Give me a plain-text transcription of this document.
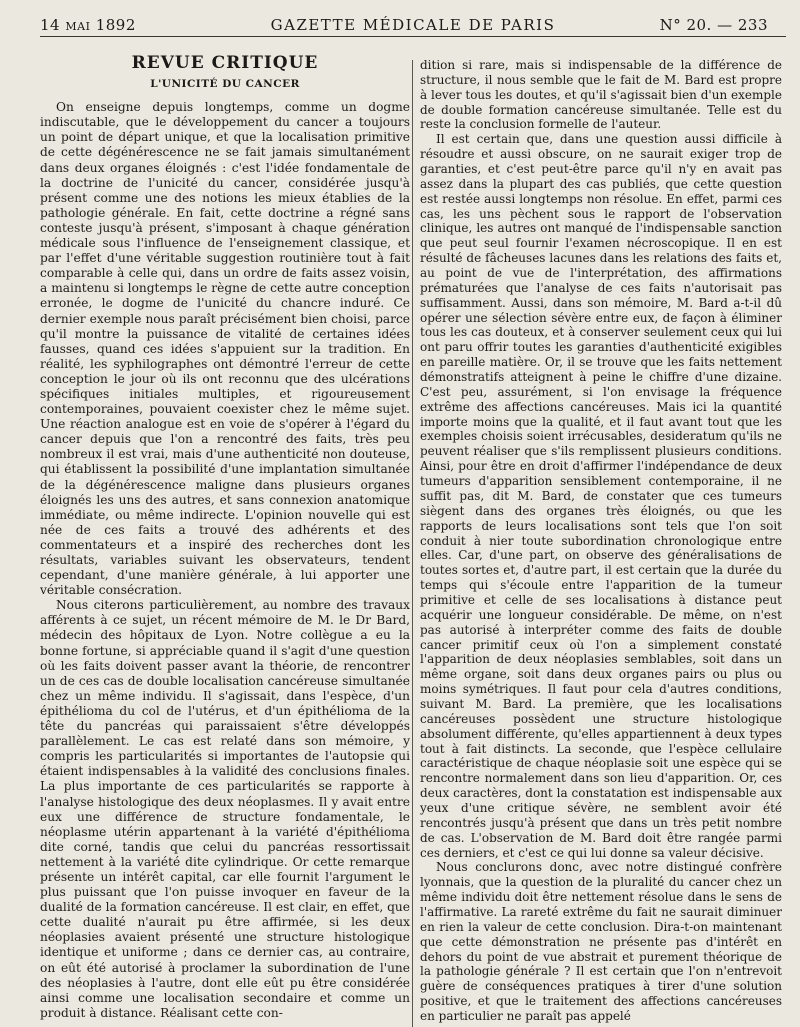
14 MAI 1892	GAZETTE MÉDICALE DE PARIS	N° 20. — 233
REVUE CRITIQUE
L'UNICITÉ DU CANCER

On enseigne depuis longtemps, comme un dogme indiscutable, que le développement du cancer a toujours un point de départ unique, et que la localisation primitive de cette dégénérescence ne se fait jamais simultanément dans deux organes éloignés : c'est l'idée fondamentale de la doctrine de l'unicité du cancer, considérée jusqu'à présent comme une des notions les mieux établies de la pathologie générale. En fait, cette doctrine a régné sans conteste jusqu'à présent, s'imposant à chaque génération médicale sous l'influence de l'enseignement classique, et par l'effet d'une véritable suggestion routinière tout à fait comparable à celle qui, dans un ordre de faits assez voisin, a maintenu si longtemps le règne de cette autre conception erronée, le dogme de l'unicité du chancre induré. Ce dernier exemple nous paraît précisément bien choisi, parce qu'il montre la puissance de vitalité de certaines idées fausses, quand ces idées s'appuient sur la tradition. En réalité, les syphilographes ont démontré l'erreur de cette conception le jour où ils ont reconnu que des ulcérations spécifiques initiales multiples, et rigoureusement contemporaines, pouvaient coexister chez le même sujet. Une réaction analogue est en voie de s'opérer à l'égard du cancer depuis que l'on a rencontré des faits, très peu nombreux il est vrai, mais d'une authenticité non douteuse, qui établissent la possibilité d'une implantation simultanée de la dégénérescence maligne dans plusieurs organes éloignés les uns des autres, et sans connexion anatomique immédiate, ou même indirecte. L'opinion nouvelle qui est née de ces faits a trouvé des adhérents et des commentateurs et a inspiré des recherches dont les résultats, variables suivant les observateurs, tendent cependant, d'une manière générale, à lui apporter une véritable consécration.

Nous citerons particulièrement, au nombre des travaux afférents à ce sujet, un récent mémoire de M. le Dr Bard, médecin des hôpitaux de Lyon. Notre collègue a eu la bonne fortune, si appréciable quand il s'agit d'une question où les faits doivent passer avant la théorie, de rencontrer un de ces cas de double localisation cancéreuse simultanée chez un même individu. Il s'agissait, dans l'espèce, d'un épithélioma du col de l'utérus, et d'un épithélioma de la tête du pancréas qui paraissaient s'être développés parallèlement. Le cas est relaté dans son mémoire, y compris les particularités si importantes de l'autopsie qui étaient indispensables à la validité des conclusions finales. La plus importante de ces particularités se rapporte à l'analyse histologique des deux néoplasmes. Il y avait entre eux une différence de structure fondamentale, le néoplasme utérin appartenant à la variété d'épithélioma dite corné, tandis que celui du pancréas ressortissait nettement à la variété dite cylindrique. Or cette remarque présente un intérêt capital, car elle fournit l'argument le plus puissant que l'on puisse invoquer en faveur de la dualité de la formation cancéreuse. Il est clair, en effet, que cette dualité n'aurait pu être affirmée, si les deux néoplasies avaient présenté une structure histologique identique et uniforme ; dans ce dernier cas, au contraire, on eût été autorisé à proclamer la subordination de l'une des néoplasies à l'autre, dont elle eût pu être considérée ainsi comme une localisation secondaire et comme un produit à distance. Réalisant cette con-

dition si rare, mais si indispensable de la différence de structure, il nous semble que le fait de M. Bard est propre à lever tous les doutes, et qu'il s'agissait bien d'un exemple de double formation cancéreuse simultanée. Telle est du reste la conclusion formelle de l'auteur.

Il est certain que, dans une question aussi difficile à résoudre et aussi obscure, on ne saurait exiger trop de garanties, et c'est peut-être parce qu'il n'y en avait pas assez dans la plupart des cas publiés, que cette question est restée aussi longtemps non résolue. En effet, parmi ces cas, les uns pèchent sous le rapport de l'observation clinique, les autres ont manqué de l'indispensable sanction que peut seul fournir l'examen nécroscopique. Il en est résulté de fâcheuses lacunes dans les relations des faits et, au point de vue de l'interprétation, des affirmations prématurées que l'analyse de ces faits n'autorisait pas suffisamment. Aussi, dans son mémoire, M. Bard a-t-il dû opérer une sélection sévère entre eux, de façon à éliminer tous les cas douteux, et à conserver seulement ceux qui lui ont paru offrir toutes les garanties d'authenticité exigibles en pareille matière. Or, il se trouve que les faits nettement démonstratifs atteignent à peine le chiffre d'une dizaine. C'est peu, assurément, si l'on envisage la fréquence extrême des affections cancéreuses. Mais ici la quantité importe moins que la qualité, et il faut avant tout que les exemples choisis soient irrécusables, desideratum qu'ils ne peuvent réaliser que s'ils remplissent plusieurs conditions. Ainsi, pour être en droit d'affirmer l'indépendance de deux tumeurs d'apparition sensiblement contemporaine, il ne suffit pas, dit M. Bard, de constater que ces tumeurs siègent dans des organes très éloignés, ou que les rapports de leurs localisations sont tels que l'on soit conduit à nier toute subordination chronologique entre elles. Car, d'une part, on observe des généralisations de toutes sortes et, d'autre part, il est certain que la durée du temps qui s'écoule entre l'apparition de la tumeur primitive et celle de ses localisations à distance peut acquérir une longueur considérable. De même, on n'est pas autorisé à interpréter comme des faits de double cancer primitif ceux où l'on a simplement constaté l'apparition de deux néoplasies semblables, soit dans un même organe, soit dans deux organes pairs ou plus ou moins symétriques. Il faut pour cela d'autres conditions, suivant M. Bard. La première, que les localisations cancéreuses possèdent une structure histologique absolument différente, qu'elles appartiennent à deux types tout à fait distincts. La seconde, que l'espèce cellulaire caractéristique de chaque néoplasie soit une espèce qui se rencontre normalement dans son lieu d'apparition. Or, ces deux caractères, dont la constatation est indispensable aux yeux d'une critique sévère, ne semblent avoir été rencontrés jusqu'à présent que dans un très petit nombre de cas. L'observation de M. Bard doit être rangée parmi ces derniers, et c'est ce qui lui donne sa valeur décisive.

Nous conclurons donc, avec notre distingué confrère lyonnais, que la question de la pluralité du cancer chez un même individu doit être nettement résolue dans le sens de l'affirmative. La rareté extrême du fait ne saurait diminuer en rien la valeur de cette conclusion. Dira-t-on maintenant que cette démonstration ne présente pas d'intérêt en dehors du point de vue abstrait et purement théorique de la pathologie générale ? Il est certain que l'on n'entrevoit guère de conséquences pratiques à tirer d'une solution positive, et que le traitement des affections cancéreuses en particulier ne paraît pas appelé
